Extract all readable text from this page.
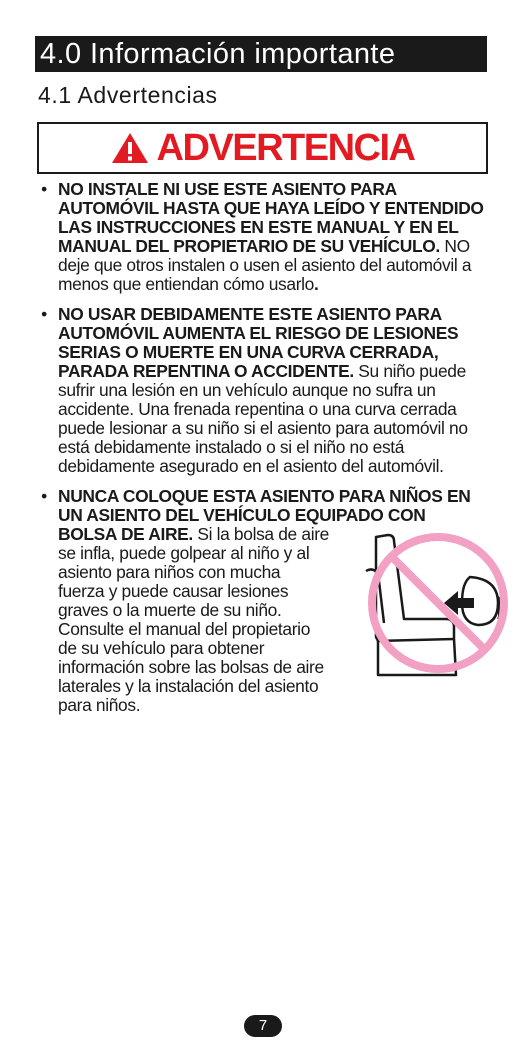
4.0 Información importante
4.1 Advertencias
ADVERTENCIA
• NO INSTALE NI USE ESTE ASIENTO PARA AUTOMÓVIL HASTA QUE HAYA LEÍDO Y ENTENDIDO LAS INSTRUCCIONES EN ESTE MANUAL Y EN EL MANUAL DEL PROPIETARIO DE SU VEHÍCULO. NO deje que otros instalen o usen el asiento del automóvil a menos que entiendan cómo usarlo.

• NO USAR DEBIDAMENTE ESTE ASIENTO PARA AUTOMÓVIL AUMENTA EL RIESGO DE LESIONES SERIAS O MUERTE EN UNA CURVA CERRADA, PARADA REPENTINA O ACCIDENTE. Su niño puede sufrir una lesión en un vehículo aunque no sufra un accidente. Una frenada repentina o una curva cerrada puede lesionar a su niño si el asiento para automóvil no está debidamente instalado o si el niño no está debidamente asegurado en el asiento del automóvil.

• NUNCA COLOQUE ESTA ASIENTO PARA NIÑOS EN UN ASIENTO DEL VEHÍCULO EQUIPADO CON

BOLSA DE AIRE. Si la bolsa de aire se infla, puede golpear al niño y al asiento para niños con mucha fuerza y puede causar lesiones graves o la muerte de su niño. Consulte el manual del propietario de su vehículo para obtener información sobre las bolsas de aire laterales y la instalación del asiento para niños.

7
